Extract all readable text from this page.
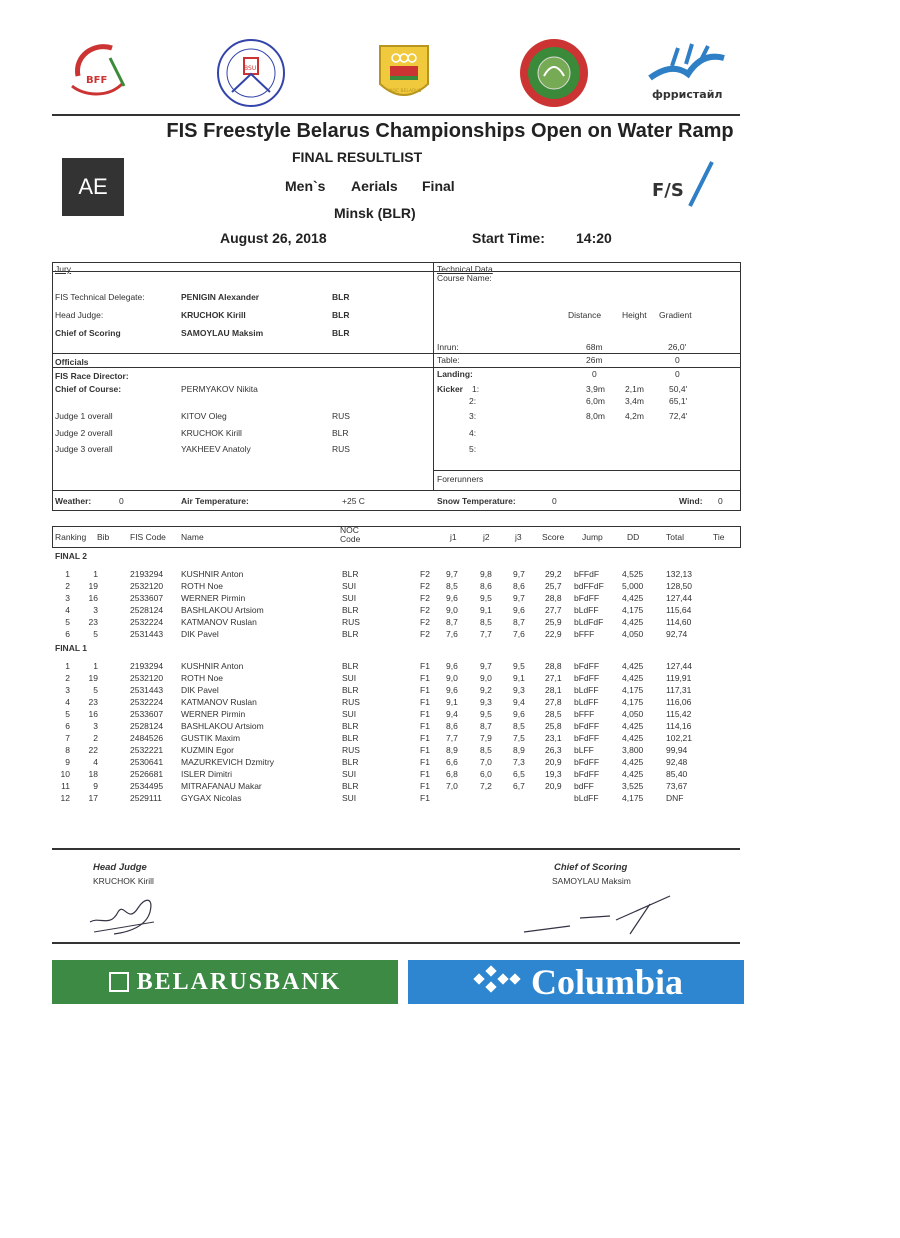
BFF
BSU
NOC BELARUS	фрристайл
FIS Freestyle Belarus Championships Open on Water Ramp
FINAL RESULTLIST
AE	Men`s Aerials Final
Minsk (BLR)
F/S
August 26, 2018	Start Time: 14:20
Jury
FIS Technical Delegate:	PENIGIN Alexander	BLR
Head Judge:	KRUCHOK Kirill	BLR
Chief of Scoring	SAMOYLAU Maksim	BLR
Officials
FIS Race Director:
Chief of Course:	PERMYAKOV Nikita
Judge 1 overall	KITOV Oleg	RUS
Judge 2 overall	KRUCHOK Kirill	BLR
Judge 3 overall	YAKHEEV Anatoly	RUS
Technical Data
Course Name:
Distance Height Gradient
Inrun:	68m	26,0'
Table:	26m	0
Landing:	0	0
Kicker 1:	3,9m 2,1m	50,4'
2:	6,0m 3,4m	65,1'
3:	8,0m 4,2m	72,4'
4:
5:
Forerunners
Weather:	0	Air Temperature:	+25 C	Snow Temperature:	0	Wind: 0
Ranking Bib FIS Code Name
NOC Code	j1	j2	j3 Score Jump	DD	Total	Tie
FINAL 2
1	1	2193294 KUSHNIR Anton	BLR	F2 9,7	9,8 9,7 29,2 bFFdF	4,525	132,13
2 19	2532120 ROTH Noe	SUI	F2 8,5	8,6 8,6 25,7 bdFFdF 5,000	128,50
3 16	2533607 WERNER Pirmin	SUI	F2 9,6	9,5 9,7 28,8 bFdFF	4,425	127,44
4	3	2528124 BASHLAKOU Artsiom	BLR	F2 9,0	9,1 9,6 27,7 bLdFF	4,175	115,64
5 23	2532224 KATMANOV Ruslan	RUS	F2 8,7	8,5 8,7 25,9 bLdFdF 4,425	114,60
6	5	2531443 DIK Pavel	BLR	F2 7,6	7,7 7,6 22,9 bFFF	4,050	92,74
FINAL 1
1	1	2193294 KUSHNIR Anton	BLR	F1 9,6	9,7 9,5 28,8 bFdFF	4,425	127,44
2 19	2532120 ROTH Noe	SUI	F1 9,0	9,0 9,1 27,1 bFdFF	4,425	119,91
3	5	2531443 DIK Pavel	BLR	F1 9,6	9,2 9,3 28,1 bLdFF	4,175	117,31
4 23	2532224 KATMANOV Ruslan	RUS	F1 9,1	9,3 9,4 27,8 bLdFF	4,175	116,06
5 16	2533607 WERNER Pirmin	SUI	F1 9,4	9,5 9,6 28,5 bFFF	4,050	115,42
6	3	2528124 BASHLAKOU Artsiom	BLR	F1 8,6	8,7 8,5 25,8 bFdFF	4,425	114,16
7	2	2484526 GUSTIK Maxim	BLR	F1 7,7	7,9 7,5 23,1 bFdFF	4,425	102,21
8 22	2532221 KUZMIN Egor	RUS	F1 8,9	8,5 8,9 26,3 bLFF	3,800	99,94
9	4	2530641 MAZURKEVICH Dzmitry	BLR	F1 6,6	7,0 7,3 20,9 bFdFF	4,425	92,48
10 18	2526681 ISLER Dimitri	SUI	F1 6,8	6,0 6,5 19,3 bFdFF	4,425	85,40
11	9	2534495 MITRAFANAU Makar	BLR	F1 7,0	7,2 6,7 20,9 bdFF	3,525	73,67
12 17	2529111 GYGAX Nicolas	SUI	F1	bLdFF	4,175	DNF
Head Judge
KRUCHOK Kirill
Chief of Scoring
SAMOYLAU Maksim
BELARUSBANK	Columbia
